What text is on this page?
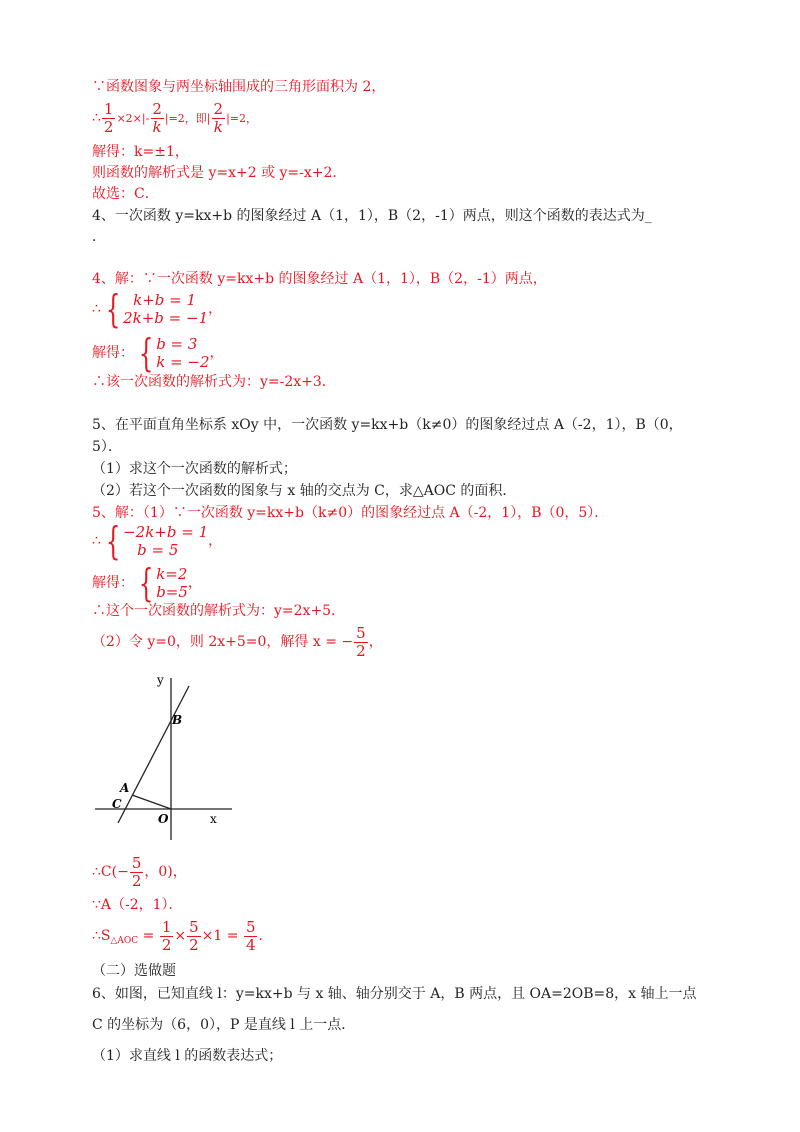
∵函数图象与两坐标轴围成的三角形面积为 2，
∴ $\frac{1}{2} \times 2\times|- \frac{2}{k} |=2$，即| $\frac{2}{k} |=2$，
解得：k=±1，
则函数的解析式是 y=x+2 或 y=-x+2．
故选：C．
4、一次函数 y=kx+b 的图象经过 A（1，1），B（2，-1）两点，则这个函数的表达式为_
．
4、解：∵一次函数 y=kx+b 的图象经过 A（1，1），B（2，-1）两点，
∴ { k+b = 1
2k+b = −1 ，
解得： { b = 3
k = −2 ，
∴该一次函数的解析式为：y=-2x+3．
5、在平面直角坐标系 xOy 中，一次函数 y=kx+b（k≠0）的图象经过点 A（-2，1），B（0，
5）．
（1）求这个一次函数的解析式；
（2）若这个一次函数的图象与 x 轴的交点为 C，求△AOC 的面积．
5、解：（1）∵一次函数 y=kx+b（k≠0）的图象经过点 A（-2，1），B（0，5）．
∴ { −2k+b = 1
b = 5	，
解得： { k=2
b=5 ，
∴这个一次函数的解析式为：y=2x+5．
（2）令 y=0，则 2x+5=0，解得 x = − $\frac{5}{2}$ ，
y
x
B
A
C
O
∴C(− $\frac{5}{2}$ ，0)，
∵A（-2，1）．
$\therefore S_{\triangle AOC} = \frac{1}{2} \times \frac{5}{2} \times 1 = \frac{5}{4}$ ．
（二）选做题
6、如图，已知直线 l：y=kx+b 与 x 轴、轴分别交于 A，B 两点，且 OA=2OB=8，x 轴上一点
C 的坐标为（6，0），P 是直线 l 上一点．
（1）求直线 l 的函数表达式；
